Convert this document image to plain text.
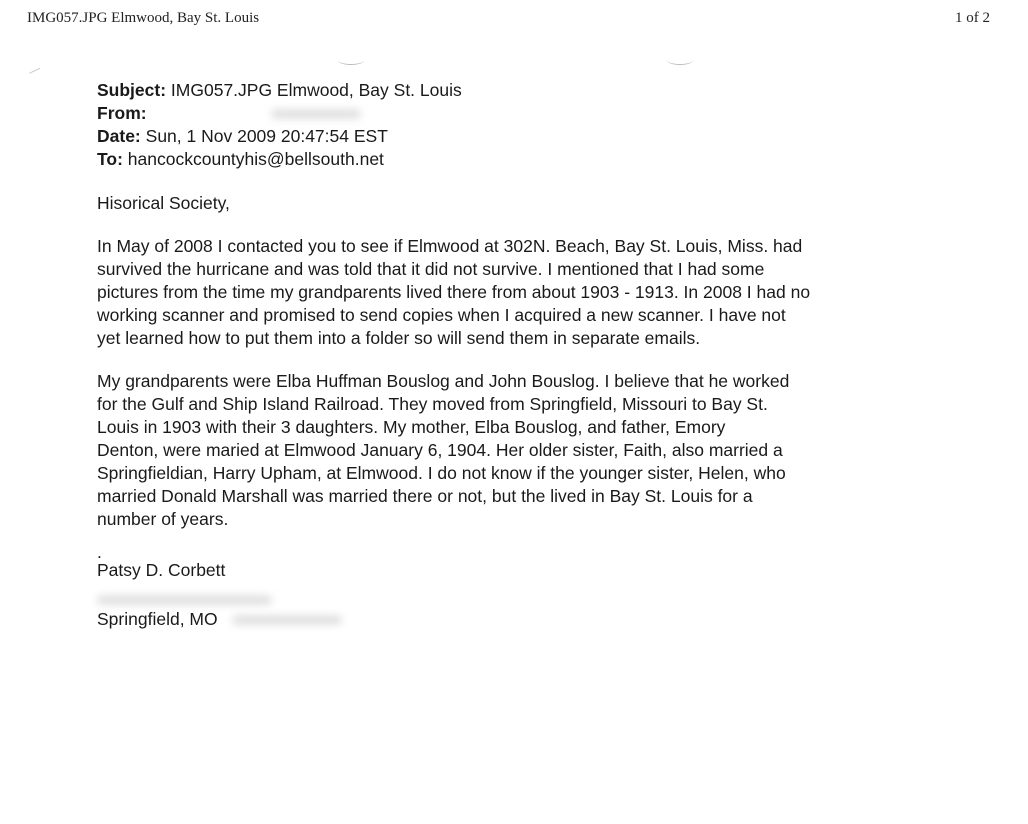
IMG057.JPG Elmwood, Bay St. Louis	1 of 2

Subject: IMG057.JPG Elmwood, Bay St. Louis

From:

Date: Sun, 1 Nov 2009 20:47:54 EST

To: hancockcountyhis@bellsouth.net

Hisorical Society,

In May of 2008 I contacted you to see if Elmwood at 302N. Beach, Bay St. Louis, Miss. had
survived the hurricane and was told that it did not survive. I mentioned that I had some
pictures from the time my grandparents lived there from about 1903 - 1913. In 2008 I had no
working scanner and promised to send copies when I acquired a new scanner. I have not
yet learned how to put them into a folder so will send them in separate emails.

My grandparents were Elba Huffman Bouslog and John Bouslog. I believe that he worked
for the Gulf and Ship Island Railroad. They moved from Springfield, Missouri to Bay St.
Louis in 1903 with their 3 daughters. My mother, Elba Bouslog, and father, Emory
Denton, were maried at Elmwood January 6, 1904. Her older sister, Faith, also married a
Springfieldian, Harry Upham, at Elmwood. I do not know if the younger sister, Helen, who
married Donald Marshall was married there or not, but the lived in Bay St. Louis for a
number of years.

.

Patsy D. Corbett

Springfield, MO
